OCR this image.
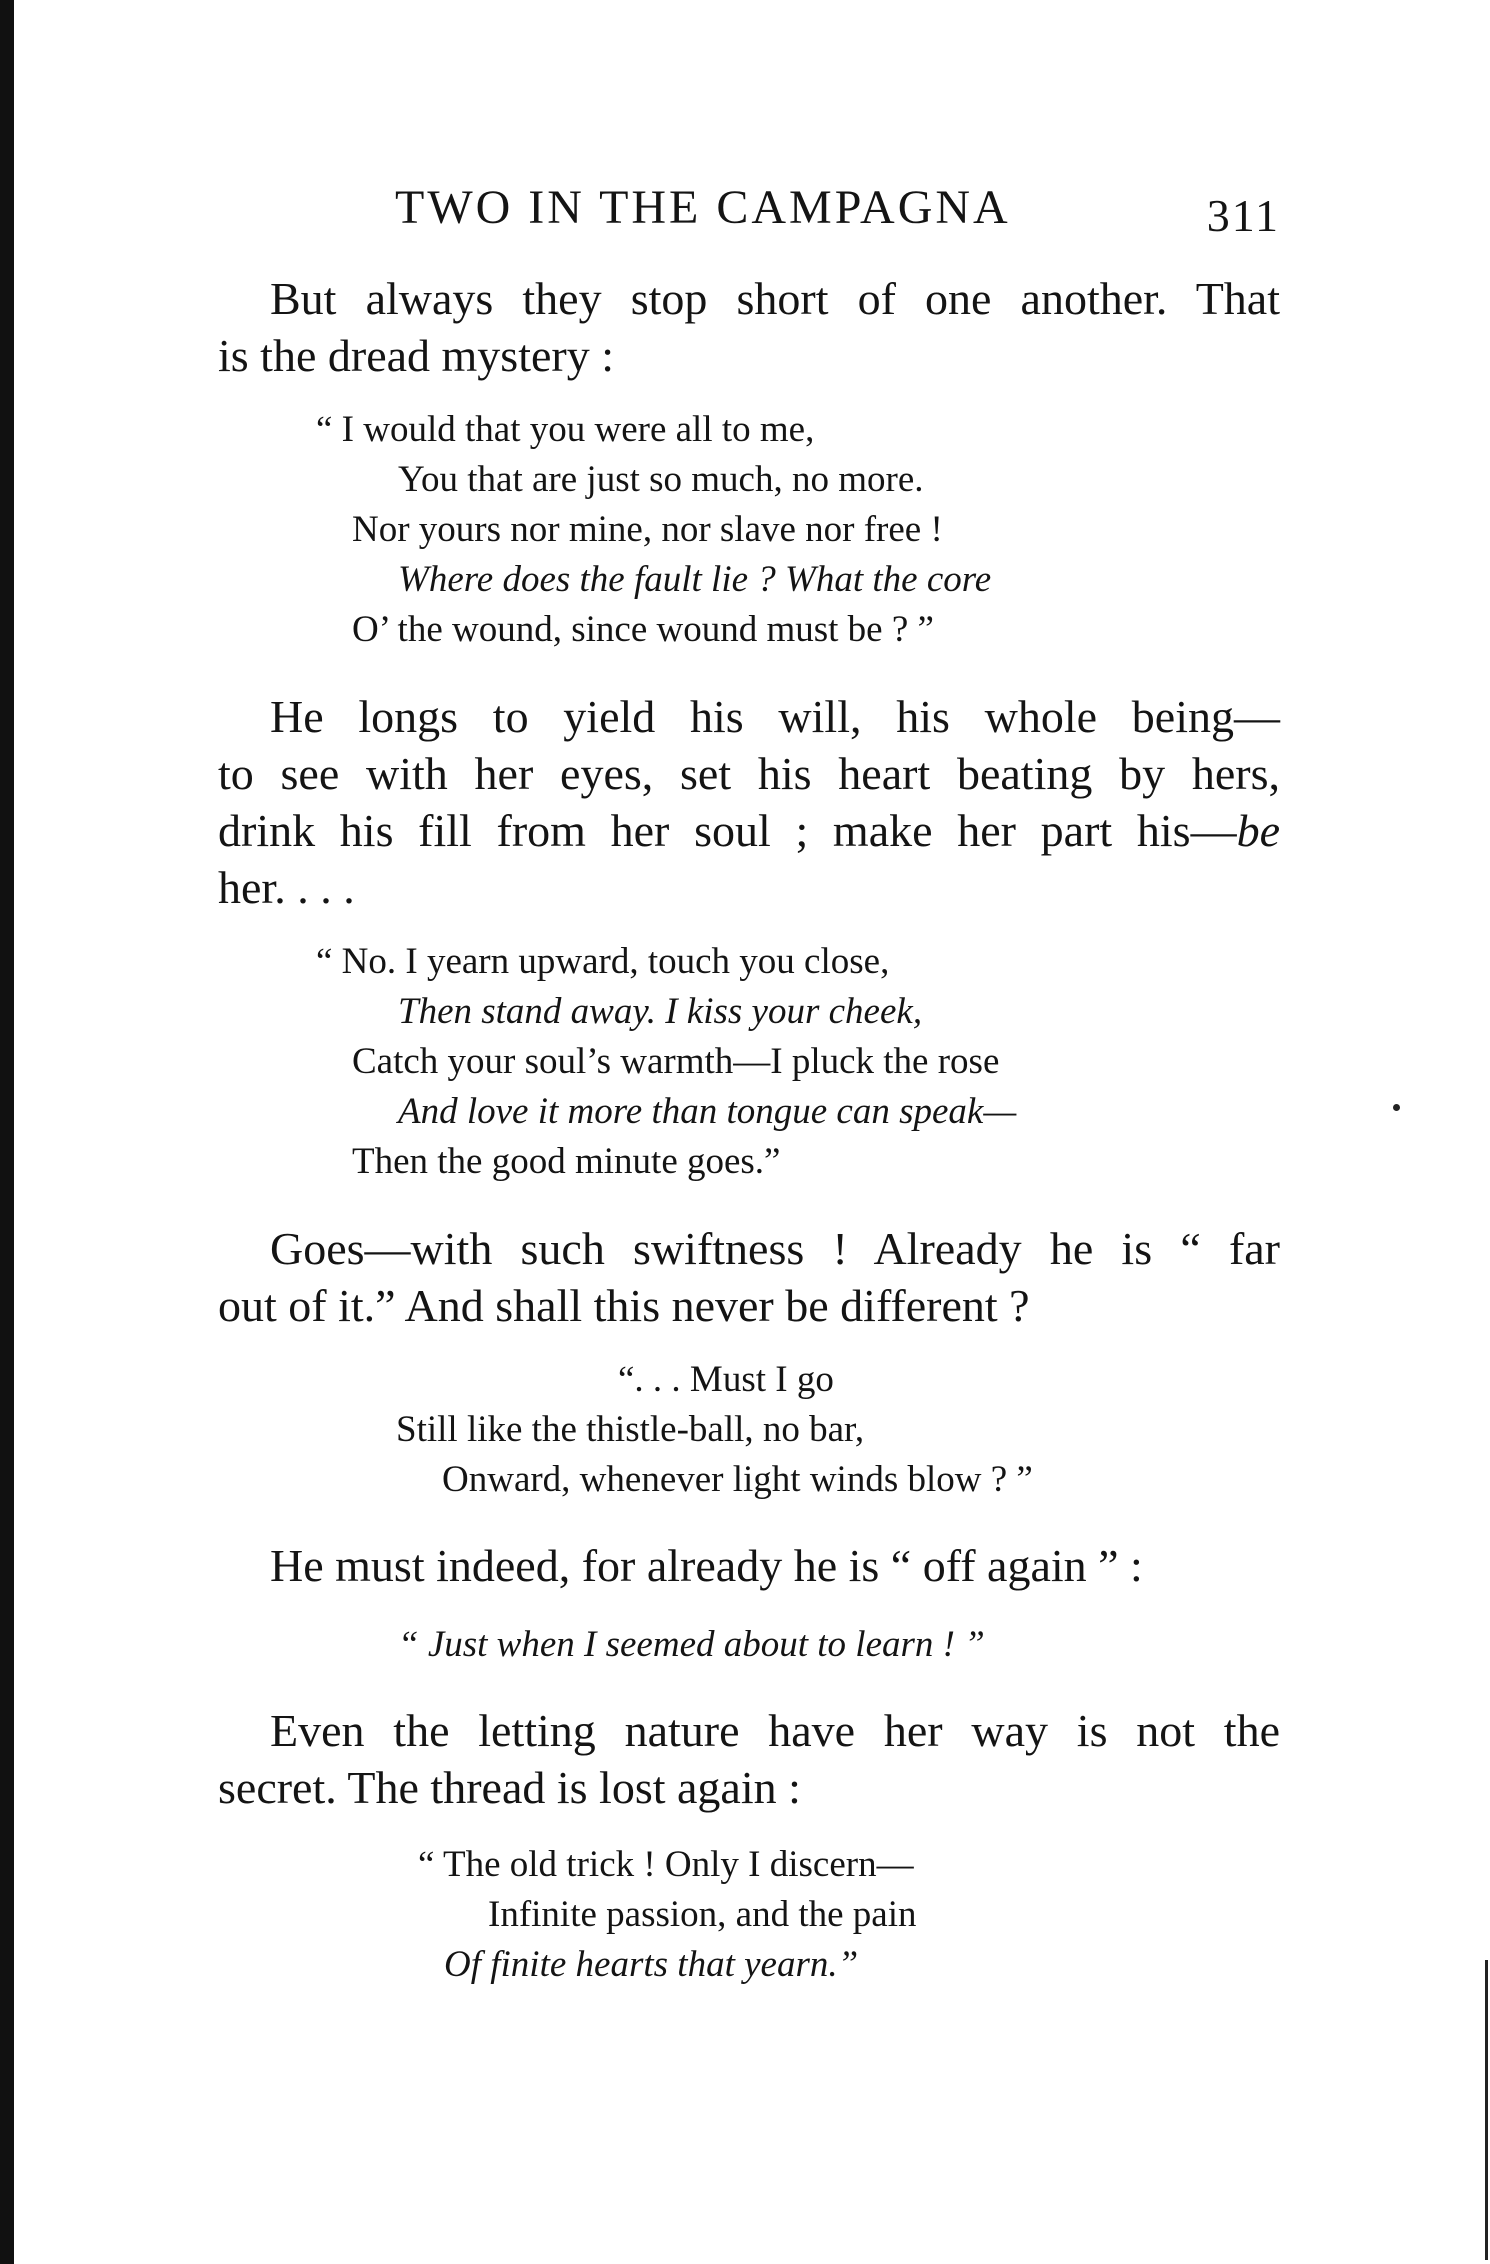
TWO IN THE CAMPAGNA	311
But always they stop short of one another. That
is the dread mystery :
“ I would that you were all to me,
You that are just so much, no more.
Nor yours nor mine, nor slave nor free !
Where does the fault lie ? What the core
O’ the wound, since wound must be ? ”
He longs to yield his will, his whole being—
to see with her eyes, set his heart beating by hers,
drink his fill from her soul ; make her part his—be
her. . . .
“ No. I yearn upward, touch you close,
Then stand away. I kiss your cheek,
Catch your soul’s warmth—I pluck the rose
And love it more than tongue can speak—
Then the good minute goes.”
Goes—with such swiftness ! Already he is “ far
out of it.” And shall this never be different ?
“. . . Must I go
Still like the thistle-ball, no bar,
Onward, whenever light winds blow ? ”
He must indeed, for already he is “ off again ” :
“ Just when I seemed about to learn ! ”
Even the letting nature have her way is not the
secret. The thread is lost again :
“ The old trick ! Only I discern—
Infinite passion, and the pain
Of finite hearts that yearn.”
